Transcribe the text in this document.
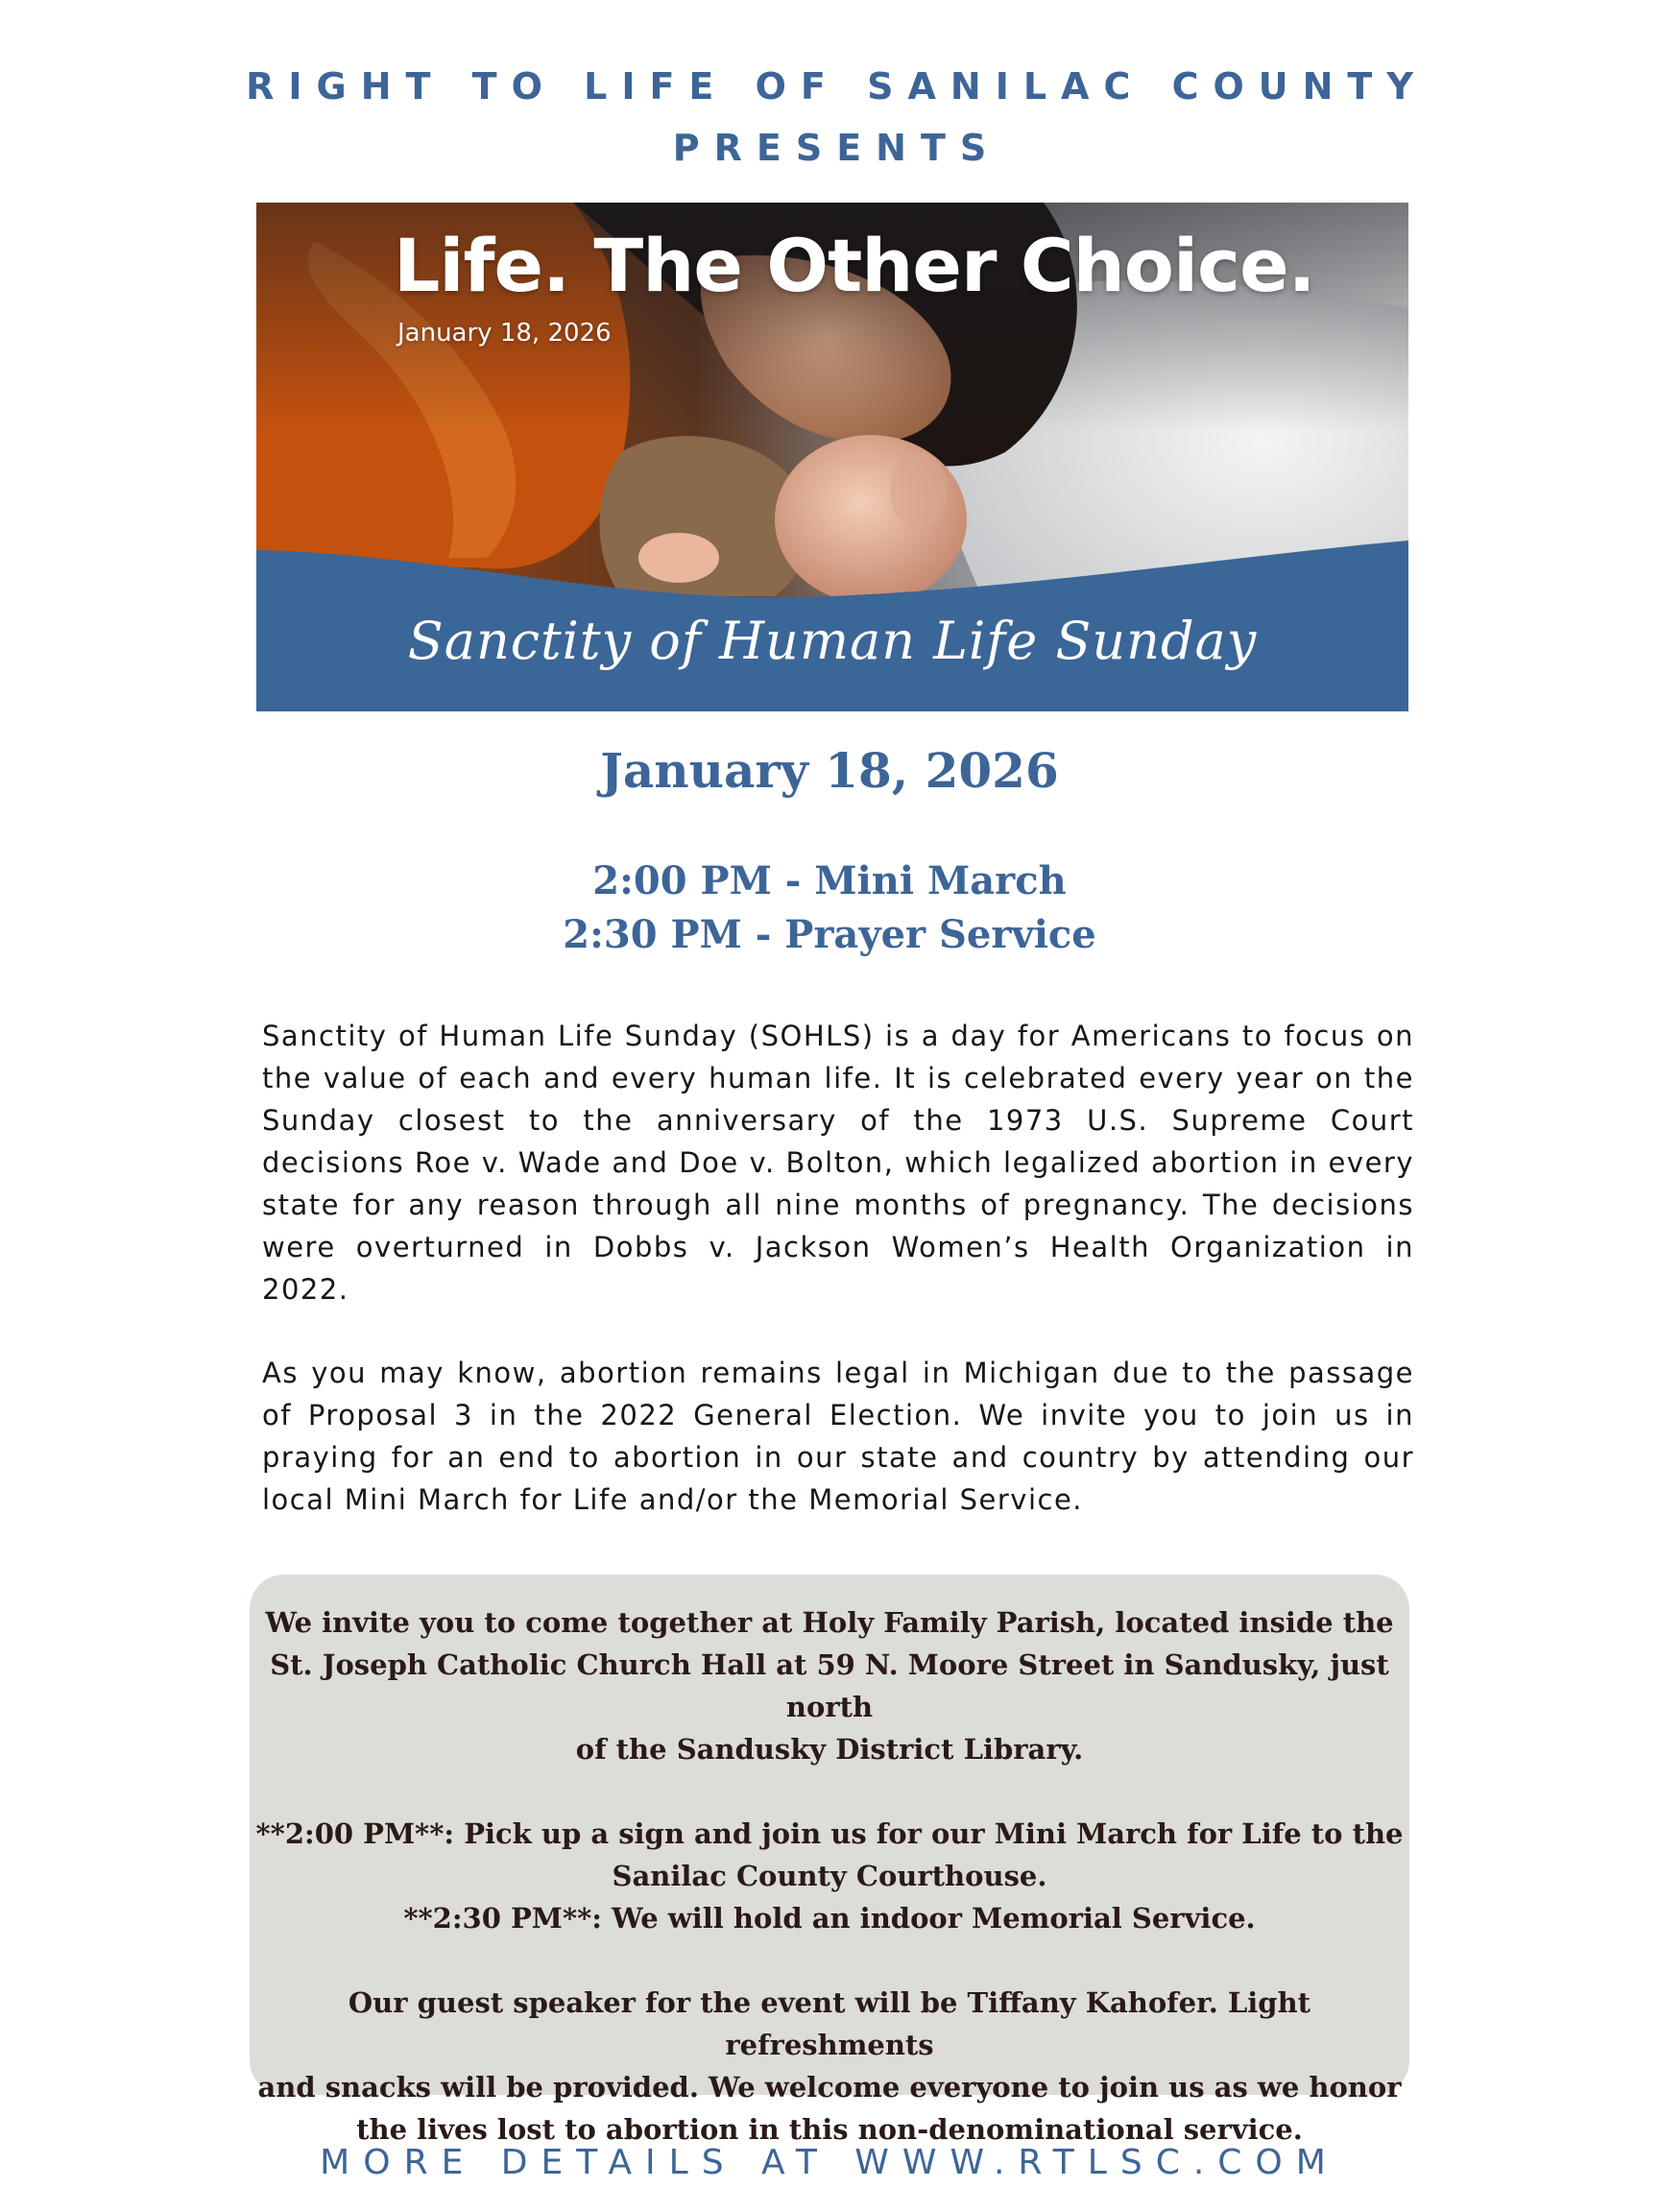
RIGHT TO LIFE OF SANILAC COUNTY
PRESENTS
Life. The Other Choice.
January 18, 2026
Sanctity of Human Life Sunday
January 18, 2026
2:00 PM - Mini March
2:30 PM - Prayer Service
Sanctity of Human Life Sunday (SOHLS) is a day for Americans to focus on the value of each and every human life. It is celebrated every year on the Sunday closest to the anniversary of the 1973 U.S. Supreme Court decisions Roe v. Wade and Doe v. Bolton, which legalized abortion in every state for any reason through all nine months of pregnancy. The decisions were overturned in Dobbs v. Jackson Women’s Health Organization in 2022.
As you may know, abortion remains legal in Michigan due to the passage of Proposal 3 in the 2022 General Election. We invite you to join us in praying for an end to abortion in our state and country by attending our local Mini March for Life and/or the Memorial Service.
We invite you to come together at Holy Family Parish, located inside the
St. Joseph Catholic Church Hall at 59 N. Moore Street in Sandusky, just north
of the Sandusky District Library.
**2:00 PM**: Pick up a sign and join us for our Mini March for Life to the
Sanilac County Courthouse.
**2:30 PM**: We will hold an indoor Memorial Service.
Our guest speaker for the event will be Tiffany Kahofer. Light refreshments
and snacks will be provided. We welcome everyone to join us as we honor
the lives lost to abortion in this non-denominational service.
MORE DETAILS AT WWW.RTLSC.COM
